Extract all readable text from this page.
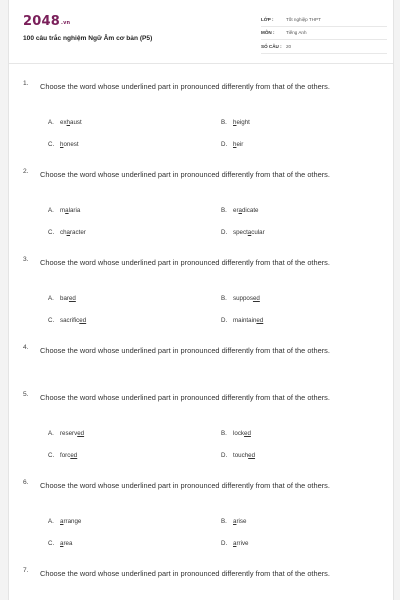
$2048_{.vn}$
100 câu trắc nghiệm Ngữ Âm cơ bản (P5)
LỚP :	Tốt nghiệp THPT
MÔN : Tiếng Anh
SỐ CÂU : 20
1. Choose the word whose underlined part in pronounced differently from that of the others.
A. exhaust	B. height
C. honest	D. heir
2. Choose the word whose underlined part in pronounced differently from that of the others.
A. malaria	B. eradicate
C. character	D. spectacular
3. Choose the word whose underlined part in pronounced differently from that of the others.
A. bared	B. supposed
C. sacrificed	D. maintained
4. Choose the word whose underlined part in pronounced differently from that of the others.
5. Choose the word whose underlined part in pronounced differently from that of the others.
A. reserved	B. locked
C. forced	D. touched
6. Choose the word whose underlined part in pronounced differently from that of the others.
A. arrange	B. arise
C. area	D. arrive
7. Choose the word whose underlined part in pronounced differently from that of the others.
